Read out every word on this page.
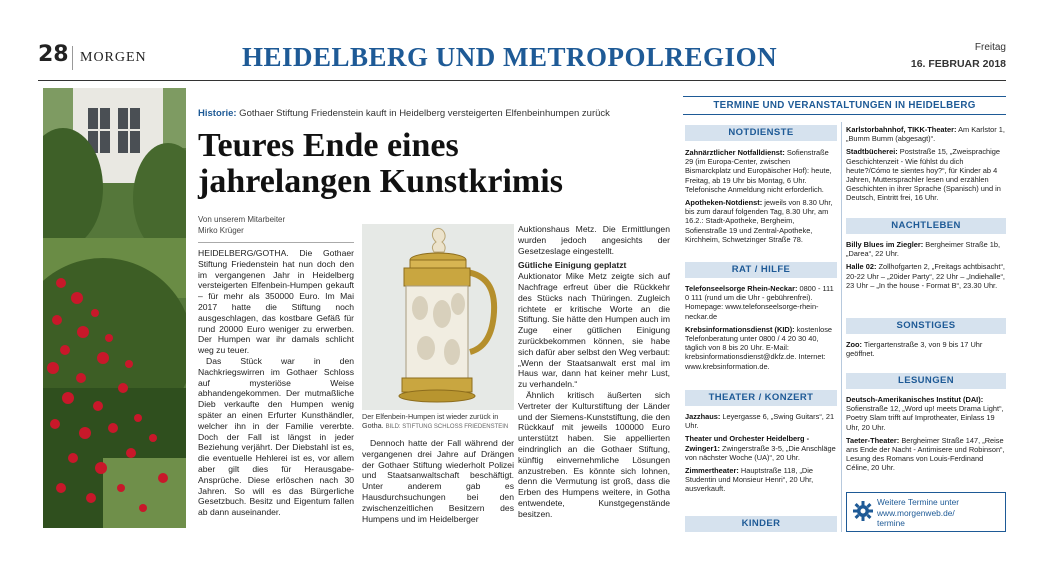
28 MORGEN	HEIDELBERG UND METROPOLREGION	Freitag
16. FEBRUAR 2018
Historie: Gothaer Stiftung Friedenstein kauft in Heidelberg versteigerten Elfenbeinhumpen zurück
Teures Ende eines
jahrelangen Kunstkrimis
Von unserem Mitarbeiter
Mirko Krüger

HEIDELBERG/GOTHA. Die Gothaer Stiftung Friedenstein hat nun doch den im vergangenen Jahr in Heidelberg versteigerten Elfenbein-Humpen gekauft – für mehr als 350000 Euro. Im Mai 2017 hatte die Stiftung noch ausgeschlagen, das kostbare Gefäß für rund 20000 Euro weniger zu erwerben. Der Humpen war ihr damals schlicht weg zu teuer.

Das Stück war in den Nachkriegswirren im Gothaer Schloss auf mysteriöse Weise abhandengekommen. Der mutmaßliche Dieb verkaufte den Humpen wenig später an einen Erfurter Kunsthändler, welcher ihn in der Familie vererbte. Doch der Fall ist längst in jeder Beziehung verjährt. Der Diebstahl ist es, die eventuelle Hehlerei ist es, vor allem aber gilt dies für Herausgabe-Ansprüche. Diese erlöschen nach 30 Jahren. So will es das Bürgerliche Gesetzbuch. Besitz und Eigentum fallen ab dann auseinander.

Der Elfenbein-Humpen ist wieder zurück in Gotha. BILD: STIFTUNG SCHLOSS FRIEDENSTEIN

Dennoch hatte der Fall während der vergangenen drei Jahre auf Drängen der Gothaer Stiftung wiederholt Polizei und Staatsanwaltschaft beschäftigt. Unter anderem gab es Hausdurchsuchungen bei den zwischenzeitlichen Besitzern des Humpens und im Heidelberger

Auktionshaus Metz. Die Ermittlungen wurden jedoch angesichts der Gesetzeslage eingestellt.

Gütliche Einigung geplatzt

Auktionator Mike Metz zeigte sich auf Nachfrage erfreut über die Rückkehr des Stücks nach Thüringen. Zugleich richtete er kritische Worte an die Stiftung. Sie hätte den Humpen auch im Zuge einer gütlichen Einigung zurückbekommen können, sie habe sich dafür aber selbst den Weg verbaut: „Wenn der Staatsanwalt erst mal im Haus war, dann hat keiner mehr Lust, zu verhandeln.“

Ähnlich kritisch äußerten sich Vertreter der Kulturstiftung der Länder und der Siemens-Kunststiftung, die den Rückkauf mit jeweils 100000 Euro unterstützt haben. Sie appellierten eindringlich an die Gothaer Stiftung, künftig einvernehmliche Lösungen anzustreben. Es könnte sich lohnen, denn die Vermutung ist groß, dass die Erben des Humpens weitere, in Gotha entwendete, Kunstgegenstände besitzen.

TERMINE UND VERANSTALTUNGEN IN HEIDELBERG
NOTDIENSTE

Zahnärztlicher Notfalldienst: Sofienstraße 29 (im Europa-Center, zwischen Bismarckplatz und Europäischer Hof): heute, Freitag, ab 19 Uhr bis Montag, 6 Uhr. Telefonische Anmeldung nicht erforderlich.

Apotheken-Notdienst: jeweils von 8.30 Uhr, bis zum darauf folgenden Tag, 8.30 Uhr, am 16.2.: Stadt-Apotheke, Bergheim, Sofienstraße 19 und Zentral-Apotheke, Kirchheim, Schwetzinger Straße 78.

RAT / HILFE

Telefonseelsorge Rhein-Neckar: 0800 - 111 0 111 (rund um die Uhr - gebührenfrei). Homepage: www.telefonseelsorge-rhein-neckar.de

Krebsinformationsdienst (KID): kostenlose Telefonberatung unter 0800 / 4 20 30 40, täglich von 8 bis 20 Uhr. E-Mail: krebsinformationsdienst@dkfz.de. Internet: www.krebsinformation.de.

THEATER / KONZERT

Jazzhaus: Leyergasse 6, „Swing Guitars“, 21 Uhr.

Theater und Orchester Heidelberg - Zwinger1: Zwingerstraße 3-5, „Die Anschläge von nächster Woche (UA)“, 20 Uhr.

Zimmertheater: Hauptstraße 118, „Die Studentin und Monsieur Henri“, 20 Uhr, ausverkauft.

KINDER

Karlstorbahnhof, TIKK-Theater: Am Karlstor 1, „Bumm Bumm (abgesagt)“.

Stadtbücherei: Poststraße 15, „Zweisprachige Geschichtenzeit - Wie fühlst du dich heute?/Cómo te sientes hoy?“, für Kinder ab 4 Jahren, Muttersprachler lesen und erzählen Geschichten in ihrer Sprache (Spanisch) und in Deutsch, Eintritt frei, 16 Uhr.

NACHTLEBEN

Billy Blues im Ziegler: Bergheimer Straße 1b, „Darea“, 22 Uhr.

Halle 02: Zollhofgarten 2, „Freitags achtbisacht“, 20-22 Uhr – „20ider Party“, 22 Uhr – „Indiehalle“, 23 Uhr – „In the house - Format B“, 23.30 Uhr.

SONSTIGES

Zoo: Tiergartenstraße 3, von 9 bis 17 Uhr geöffnet.

LESUNGEN

Deutsch-Amerikanisches Institut (DAI): Sofienstraße 12, „Word up! meets Drama Light“, Poetry Slam trifft auf Improtheater, Einlass 19 Uhr, 20 Uhr.

Taeter-Theater: Bergheimer Straße 147, „Reise ans Ende der Nacht - Antimisere und Robinson“, Lesung des Romans von Louis-Ferdinand Céline, 20 Uhr.

Weitere Termine unter
www.morgenweb.de/
termine
